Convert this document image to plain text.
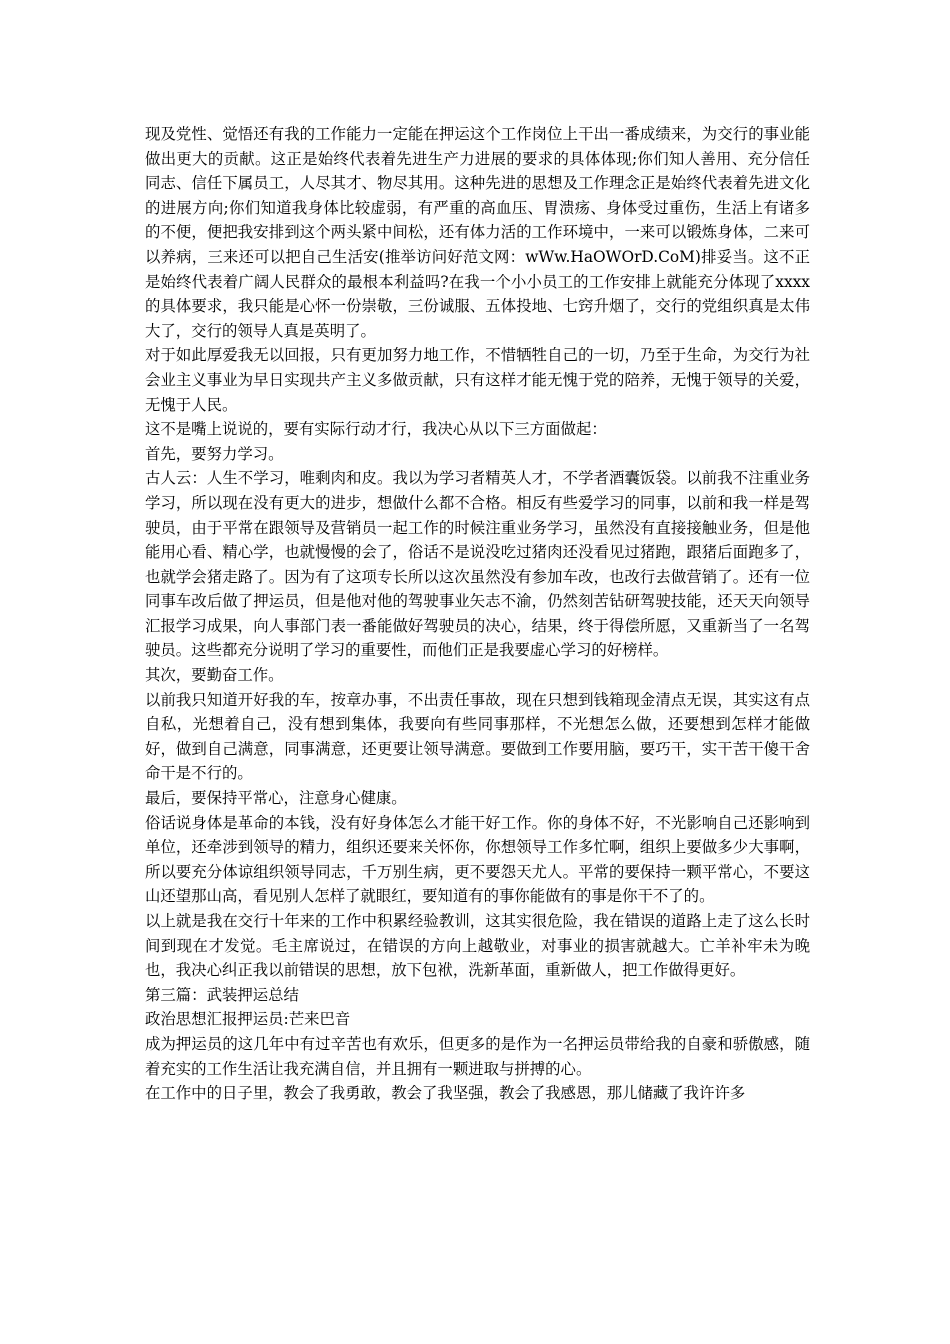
现及党性、觉悟还有我的工作能力一定能在押运这个工作岗位上干出一番成绩来，为交行的事业能做出更大的贡献。这正是始终代表着先进生产力进展的要求的具体体现;你们知人善用、充分信任同志、信任下属员工，人尽其才、物尽其用。这种先进的思想及工作理念正是始终代表着先进文化的进展方向;你们知道我身体比较虚弱，有严重的高血压、胃溃疡、身体受过重伤，生活上有诸多的不便，便把我安排到这个两头紧中间松，还有体力活的工作环境中，一来可以锻炼身体，二来可以养病，三来还可以把自己生活安(推举访问好范文网：wWw.HaOWOrD.CoM)排妥当。这不正是始终代表着广阔人民群众的最根本利益吗?在我一个小小员工的工作安排上就能充分体现了xxxx的具体要求，我只能是心怀一份崇敬，三份诚服、五体投地、七窍升烟了，交行的党组织真是太伟大了，交行的领导人真是英明了。

对于如此厚爱我无以回报，只有更加努力地工作，不惜牺牲自己的一切，乃至于生命，为交行为社会业主义事业为早日实现共产主义多做贡献，只有这样才能无愧于党的陪养，无愧于领导的关爱，无愧于人民。

这不是嘴上说说的，要有实际行动才行，我决心从以下三方面做起：

首先，要努力学习。

古人云：人生不学习，唯剩肉和皮。我以为学习者精英人才，不学者酒囊饭袋。以前我不注重业务学习，所以现在没有更大的进步，想做什么都不合格。相反有些爱学习的同事，以前和我一样是驾驶员，由于平常在跟领导及营销员一起工作的时候注重业务学习，虽然没有直接接触业务，但是他能用心看、精心学，也就慢慢的会了，俗话不是说没吃过猪肉还没看见过猪跑，跟猪后面跑多了，也就学会猪走路了。因为有了这项专长所以这次虽然没有参加车改，也改行去做营销了。还有一位同事车改后做了押运员，但是他对他的驾驶事业矢志不渝，仍然刻苦钻研驾驶技能，还天天向领导汇报学习成果，向人事部门表一番能做好驾驶员的决心，结果，终于得偿所愿，又重新当了一名驾驶员。这些都充分说明了学习的重要性，而他们正是我要虚心学习的好榜样。

其次，要勤奋工作。

以前我只知道开好我的车，按章办事，不出责任事故，现在只想到钱箱现金清点无误，其实这有点自私，光想着自己，没有想到集体，我要向有些同事那样，不光想怎么做，还要想到怎样才能做好，做到自己满意，同事满意，还更要让领导满意。要做到工作要用脑，要巧干，实干苦干傻干舍命干是不行的。

最后，要保持平常心，注意身心健康。

俗话说身体是革命的本钱，没有好身体怎么才能干好工作。你的身体不好，不光影响自己还影响到单位，还牵涉到领导的精力，组织还要来关怀你，你想领导工作多忙啊，组织上要做多少大事啊，所以要充分体谅组织领导同志，千万别生病，更不要怨天尤人。平常的要保持一颗平常心，不要这山还望那山高，看见别人怎样了就眼红，要知道有的事你能做有的事是你干不了的。

以上就是我在交行十年来的工作中积累经验教训，这其实很危险，我在错误的道路上走了这么长时间到现在才发觉。毛主席说过，在错误的方向上越敬业，对事业的损害就越大。亡羊补牢未为晚也，我决心纠正我以前错误的思想，放下包袱，洗新革面，重新做人，把工作做得更好。

第三篇：武装押运总结

政治思想汇报押运员:芒来巴音

成为押运员的这几年中有过辛苦也有欢乐，但更多的是作为一名押运员带给我的自豪和骄傲感，随着充实的工作生活让我充满自信，并且拥有一颗进取与拼搏的心。

在工作中的日子里，教会了我勇敢，教会了我坚强，教会了我感恩，那儿储藏了我许许多
